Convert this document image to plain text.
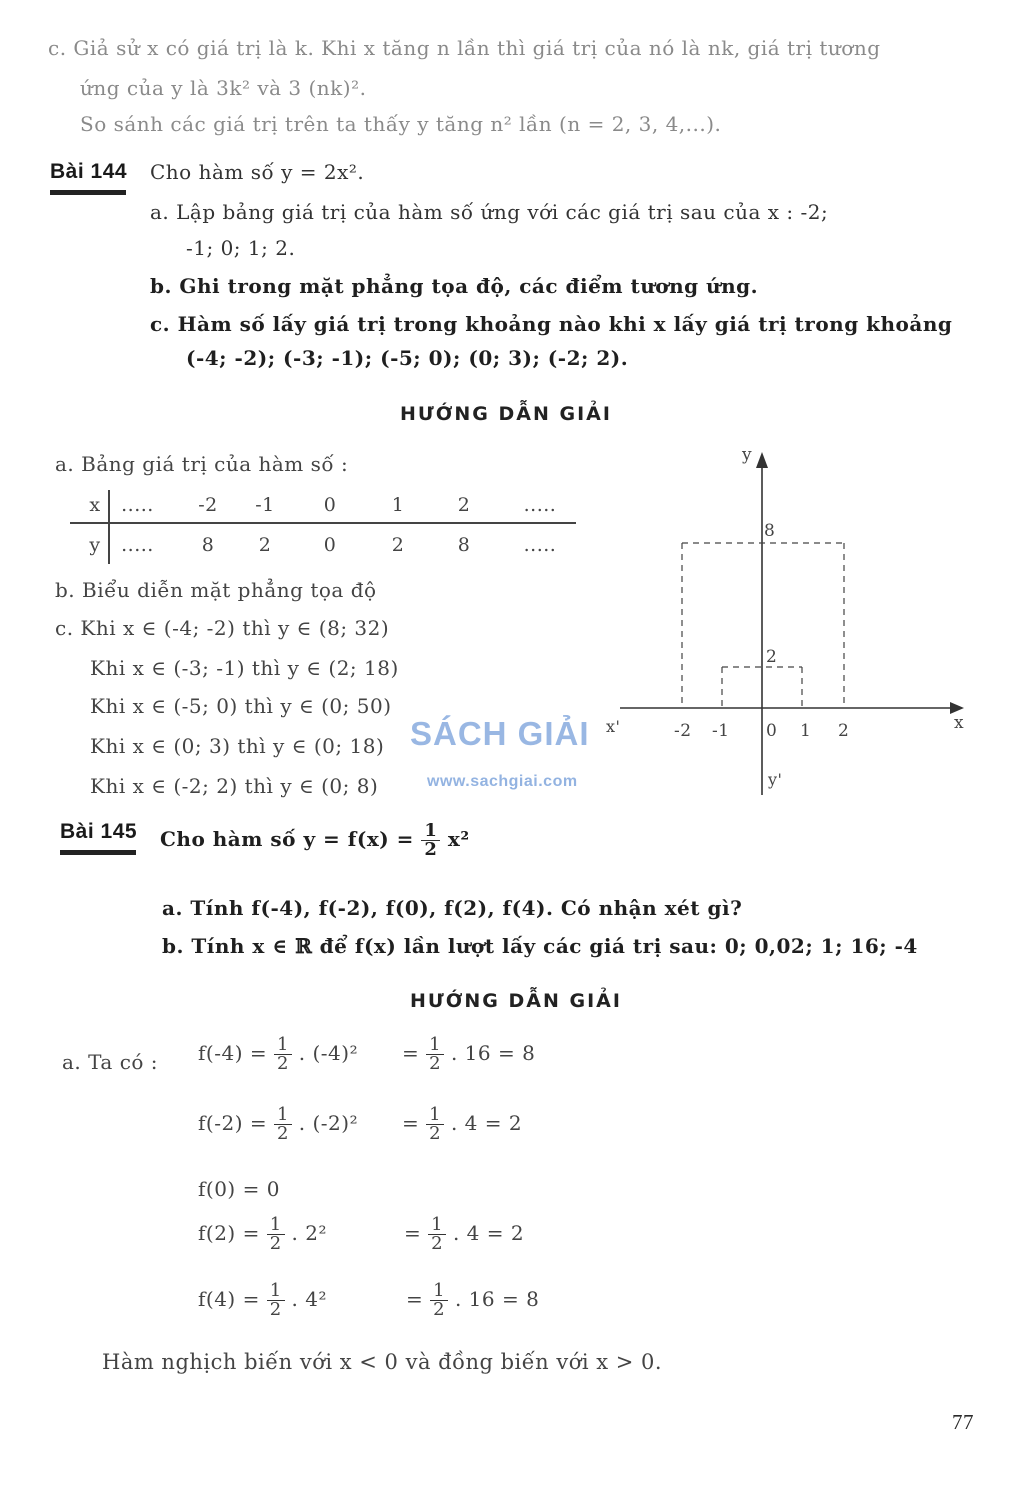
c. Giả sử x có giá trị là k. Khi x tăng n lần thì giá trị của nó là nk, giá trị tương
ứng của y là 3k² và 3 (nk)².
So sánh các giá trị trên ta thấy y tăng n² lần (n = 2, 3, 4,...).
Bài 144 Cho hàm số y = 2x².
a. Lập bảng giá trị của hàm số ứng với các giá trị sau của x : -2;
-1; 0; 1; 2.
b. Ghi trong mặt phẳng tọa độ, các điểm tương ứng.
c. Hàm số lấy giá trị trong khoảng nào khi x lấy giá trị trong khoảng
(-4; -2); (-3; -1); (-5; 0); (0; 3); (-2; 2).
HƯỚNG DẪN GIẢI
a. Bảng giá trị của hàm số :
x	.....	-2	-1	0	1	2	.....
y	.....	8	2	0	2	8	.....
b. Biểu diễn mặt phẳng tọa độ
c. Khi x ∈ (-4; -2) thì y ∈ (8; 32)
Khi x ∈ (-3; -1) thì y ∈ (2; 18)
Khi x ∈ (-5; 0) thì y ∈ (0; 50)
Khi x ∈ (0; 3) thì y ∈ (0; 18)
Khi x ∈ (-2; 2) thì y ∈ (0; 8)
y
x
x'
y'
-2 -1 0 1 2
2
8
SÁCH GIẢI
www.sachgiai.com
Bài 145 Cho hàm số $y = f(x) = \frac{1}{2} x^2$
a. Tính f(-4), f(-2), f(0), f(2), f(4). Có nhận xét gì?
b. Tính x ∈ ℝ để f(x) lần lượt lấy các giá trị sau: 0; 0,02; 1; 16; -4
HƯỚNG DẪN GIẢI
a. Ta có : $f(-4) = \frac{1}{2}$ . $(-4)^2 = \frac{1}{2}$ . 16 = 8
$f(-2) = \frac{1}{2}$ . $(-2)^2 = \frac{1}{2}$ . 4 = 2
f(0) = 0
$f(2) = \frac{1}{2}$ . 2²	= $\frac{1}{2}$ . 4 = 2
$f(4) = \frac{1}{2}$ . 4²	= $\frac{1}{2}$ . 16 = 8
Hàm nghịch biến với x < 0 và đồng biến với x > 0.
77
